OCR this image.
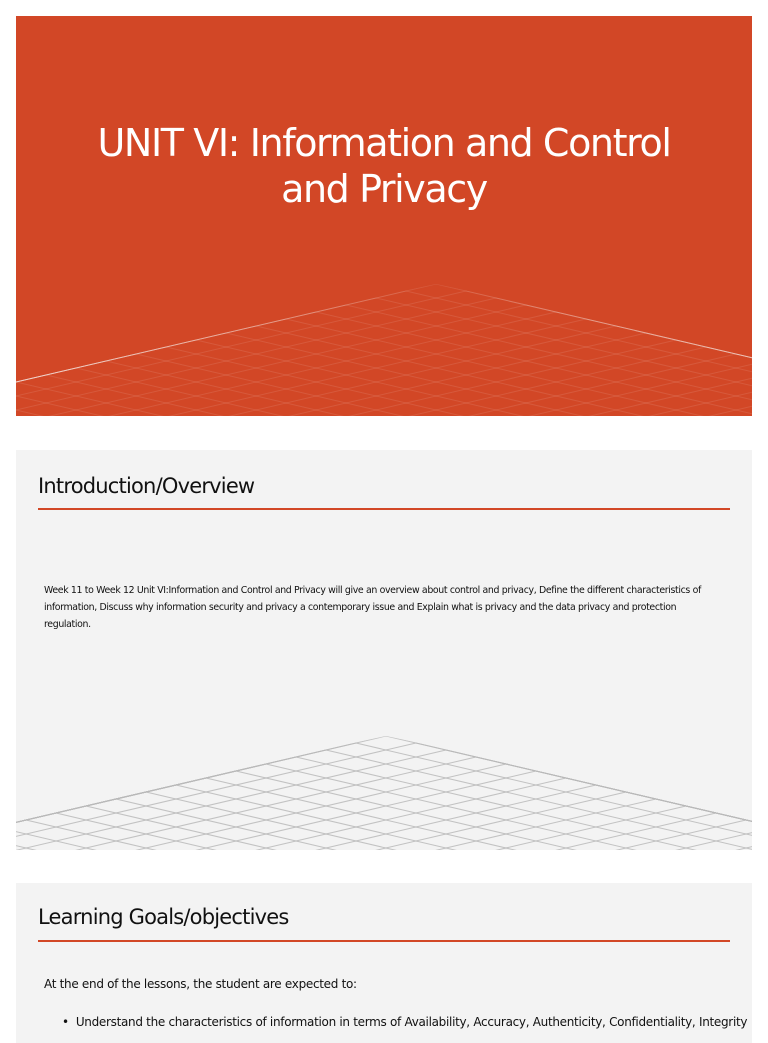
UNIT VI: Information and Control and Privacy
Introduction/Overview
Week 11 to Week 12 Unit VI:Information and Control and Privacy will give an overview about control and privacy, Define the different characteristics of information, Discuss why information security and privacy a contemporary issue and Explain what is privacy and the data privacy and protection regulation.
Learning Goals/objectives
At the end of the lessons, the student are expected to:
•  Understand the characteristics of information in terms of Availability, Accuracy, Authenticity, Confidentiality, Integrity
